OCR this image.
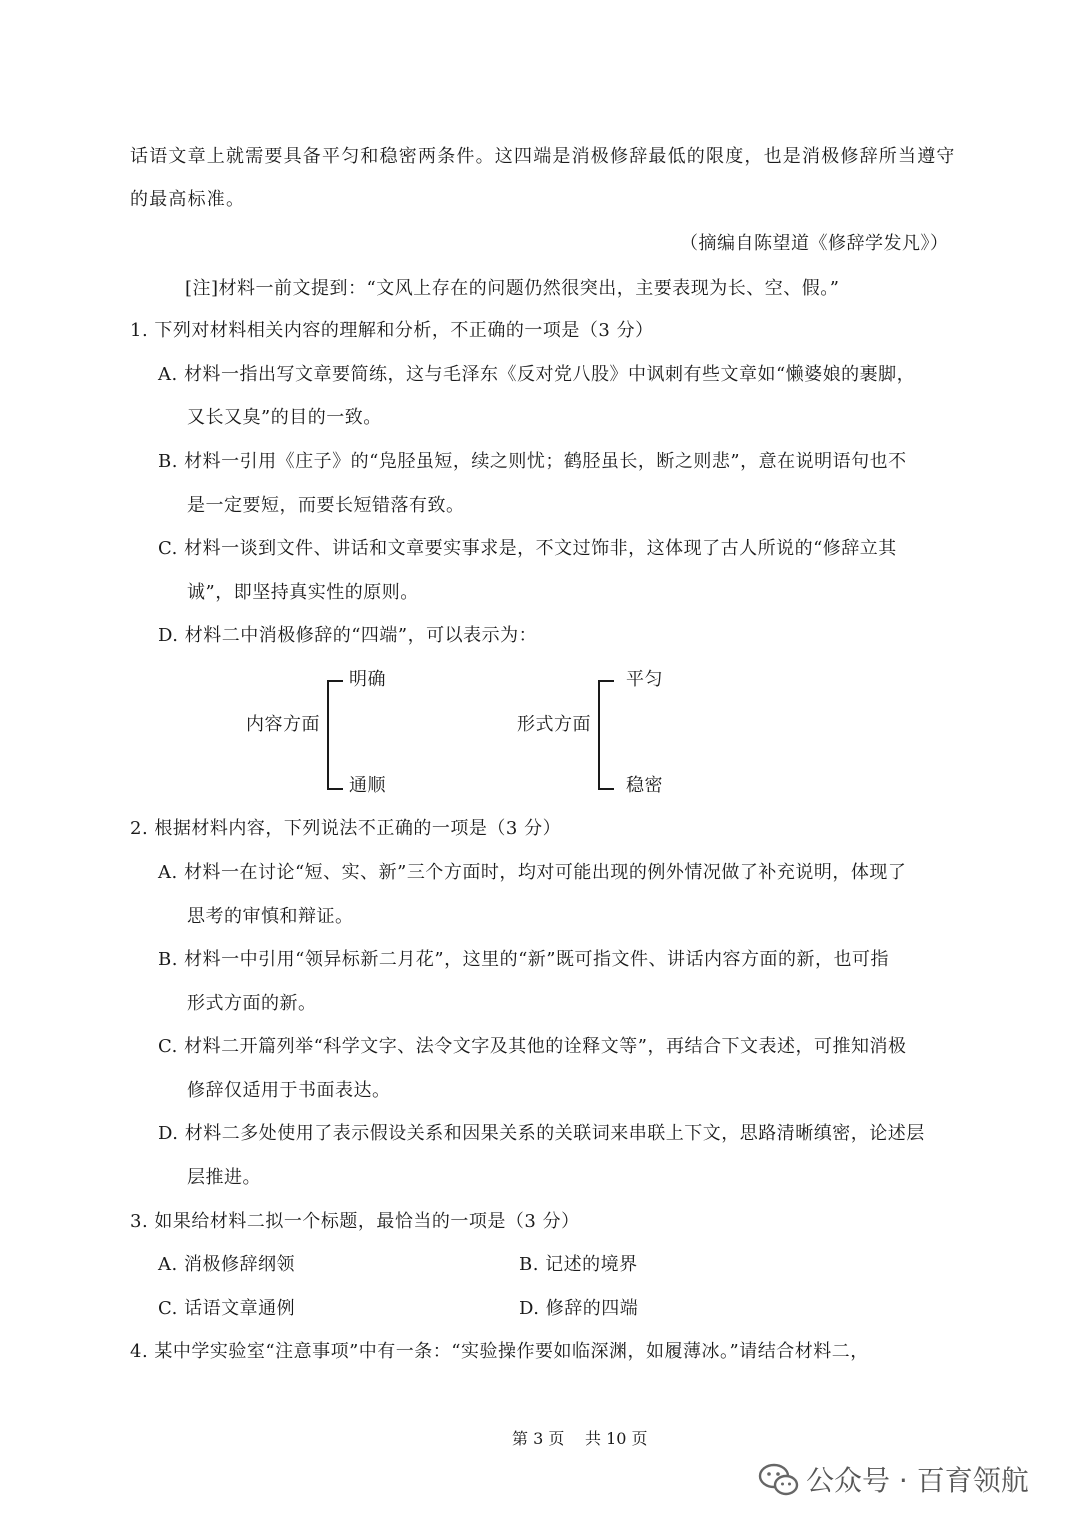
话语文章上就需要具备平匀和稳密两条件。这四端是消极修辞最低的限度，也是消极修辞所当遵守
的最高标准。
（摘编自陈望道《修辞学发凡》）
[注]材料一前文提到：“文风上存在的问题仍然很突出，主要表现为长、空、假。”
1. 下列对材料相关内容的理解和分析，不正确的一项是（3 分）
A. 材料一指出写文章要简练，这与毛泽东《反对党八股》中讽刺有些文章如“懒婆娘的裹脚，
又长又臭”的目的一致。
B. 材料一引用《庄子》的“凫胫虽短，续之则忧；鹤胫虽长，断之则悲”，意在说明语句也不
是一定要短，而要长短错落有致。
C. 材料一谈到文件、讲话和文章要实事求是，不文过饰非，这体现了古人所说的“修辞立其
诚”，即坚持真实性的原则。
D. 材料二中消极修辞的“四端”，可以表示为：
内容方面
明确
通顺
形式方面
平匀
稳密
2. 根据材料内容，下列说法不正确的一项是（3 分）
A. 材料一在讨论“短、实、新”三个方面时，均对可能出现的例外情况做了补充说明，体现了
思考的审慎和辩证。
B. 材料一中引用“领异标新二月花”，这里的“新”既可指文件、讲话内容方面的新，也可指
形式方面的新。
C. 材料二开篇列举“科学文字、法令文字及其他的诠释文等”，再结合下文表述，可推知消极
修辞仅适用于书面表达。
D. 材料二多处使用了表示假设关系和因果关系的关联词来串联上下文，思路清晰缜密，论述层
层推进。
3. 如果给材料二拟一个标题，最恰当的一项是（3 分）
A. 消极修辞纲领	B. 记述的境界
C. 话语文章通例	D. 修辞的四端
4. 某中学实验室“注意事项”中有一条：“实验操作要如临深渊，如履薄冰。”请结合材料二，
第 3 页 共 10 页
公众号 · 百育领航
